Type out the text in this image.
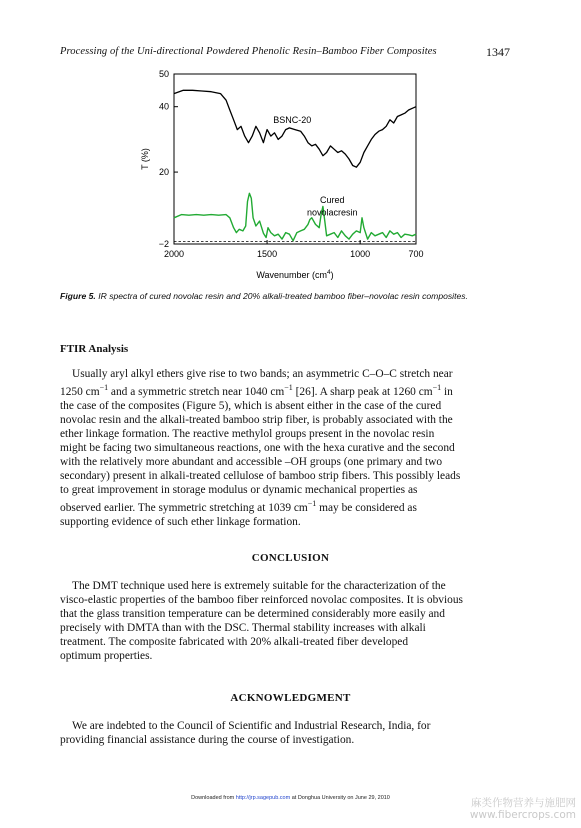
Processing of the Uni-directional Powdered Phenolic Resin–Bamboo Fiber Composites	1347
2000	1500	1000	700
50
40
20
−2
BSNC-20
Cured
novolacresin
Wavenumber $(cm^4)$
T (%)
Figure 5. IR spectra of cured novolac resin and 20% alkali-treated bamboo fiber–novolac resin composites.
FTIR Analysis
Usually aryl alkyl ethers give rise to two bands; an asymmetric C–O–C stretch near
1250 $cm^{-1}$ and a symmetric stretch near 1040 $cm^{-1}$ [26]. A sharp peak at 1260 $cm^{-1}$ in
the case of the composites (Figure 5), which is absent either in the case of the cured
novolac resin and the alkali-treated bamboo strip fiber, is probably associated with the
ether linkage formation. The reactive methylol groups present in the novolac resin
might be facing two simultaneous reactions, one with the hexa curative and the second
with the relatively more abundant and accessible –OH groups (one primary and two
secondary) present in alkali-treated cellulose of bamboo strip fibers. This possibly leads
to great improvement in storage modulus or dynamic mechanical properties as
observed earlier. The symmetric stretching at 1039 $cm^{-1}$ may be considered as
supporting evidence of such ether linkage formation.
CONCLUSION
The DMT technique used here is extremely suitable for the characterization of the
visco-elastic properties of the bamboo fiber reinforced novolac composites. It is obvious
that the glass transition temperature can be determined considerably more easily and
precisely with DMTA than with the DSC. Thermal stability increases with alkali
treatment. The composite fabricated with 20% alkali-treated fiber developed
optimum properties.
ACKNOWLEDGMENT
We are indebted to the Council of Scientific and Industrial Research, India, for
providing financial assistance during the course of investigation.
Downloaded from http://jrp.sagepub.com at Donghua University on June 29, 2010	麻类作物营养与施肥网
www.fibercrops.com
